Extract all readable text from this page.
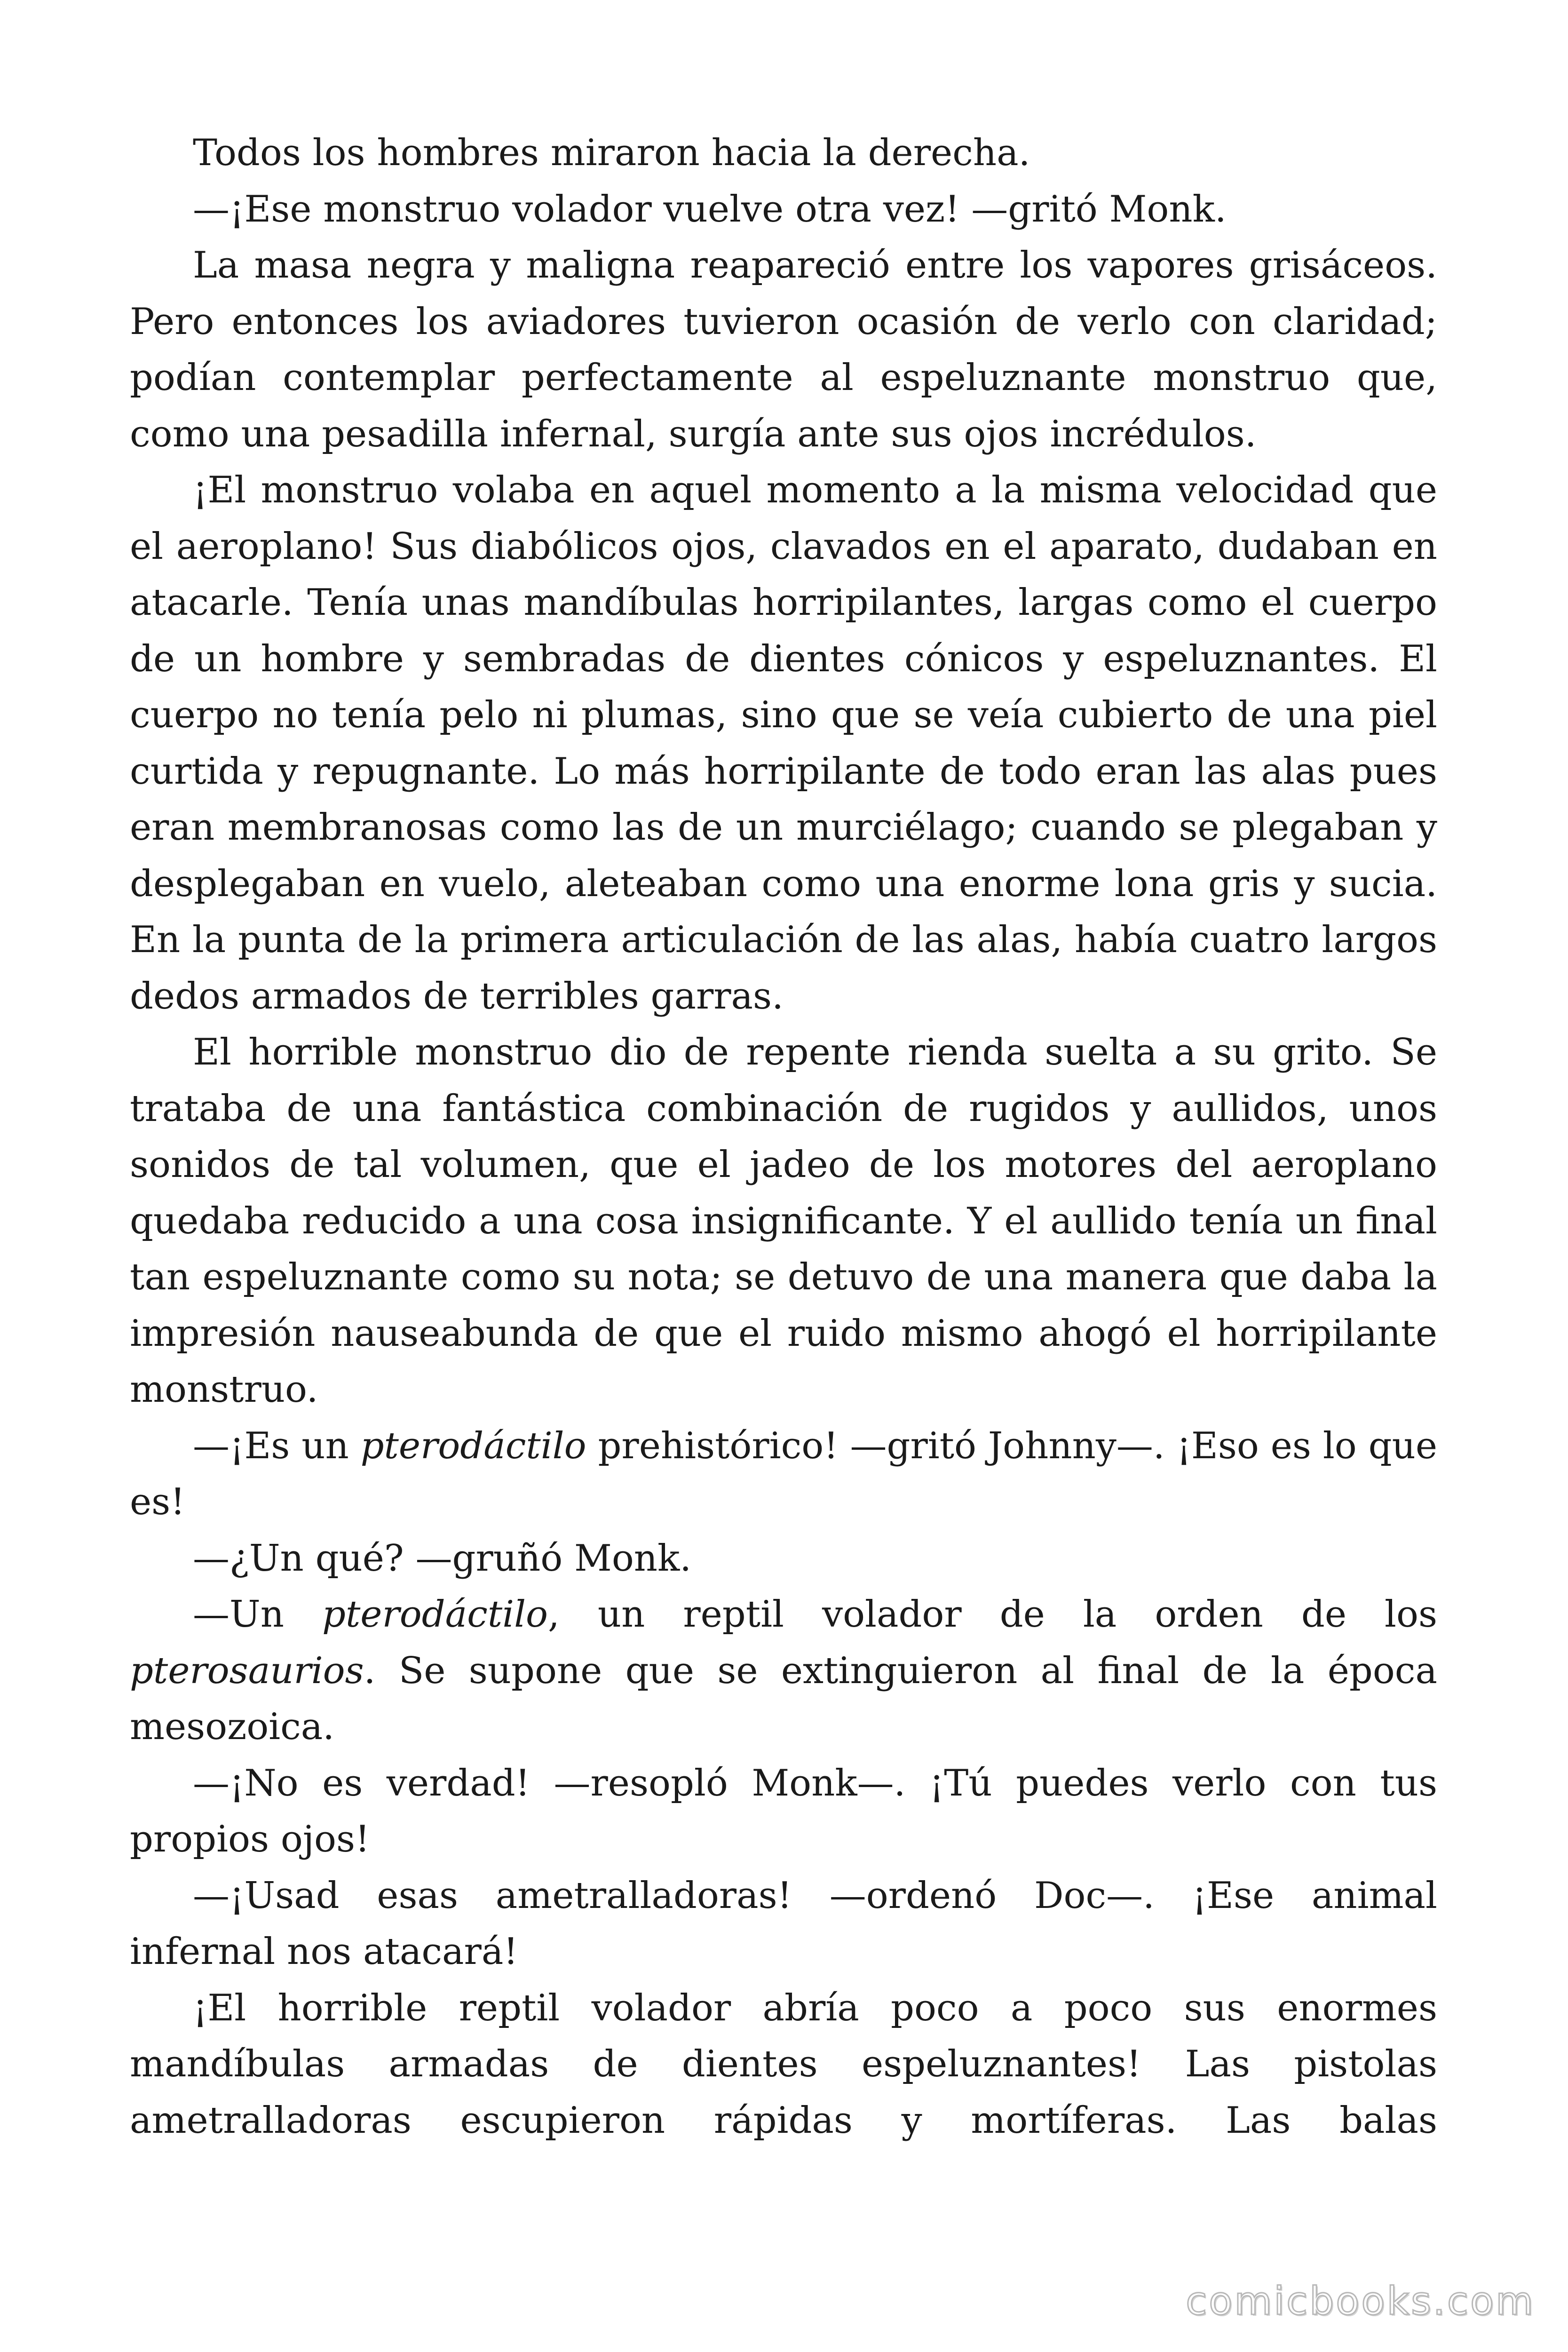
Todos los hombres miraron hacia la derecha.

—¡Ese monstruo volador vuelve otra vez! —gritó Monk.

La masa negra y maligna reapareció entre los vapores grisáceos. Pero entonces los aviadores tuvieron ocasión de verlo con claridad; podían contemplar perfectamente al espeluznante monstruo que, como una pesadilla infernal, surgía ante sus ojos incrédulos.

¡El monstruo volaba en aquel momento a la misma velocidad que el aeroplano! Sus diabólicos ojos, clavados en el aparato, dudaban en atacarle. Tenía unas mandíbulas horripilantes, largas como el cuerpo de un hombre y sembradas de dientes cónicos y espeluznantes. El cuerpo no tenía pelo ni plumas, sino que se veía cubierto de una piel curtida y repugnante. Lo más horripilante de todo eran las alas pues eran membranosas como las de un murciélago; cuando se plegaban y desplegaban en vuelo, aleteaban como una enorme lona gris y sucia. En la punta de la primera articulación de las alas, había cuatro largos dedos armados de terribles garras.

El horrible monstruo dio de repente rienda suelta a su grito. Se trataba de una fantástica combinación de rugidos y aullidos, unos sonidos de tal volumen, que el jadeo de los motores del aeroplano quedaba reducido a una cosa insignificante. Y el aullido tenía un final tan espeluznante como su nota; se detuvo de una manera que daba la impresión nauseabunda de que el ruido mismo ahogó el horripilante monstruo.

—¡Es un pterodáctilo prehistórico! —gritó Johnny—. ¡Eso es lo que es!

—¿Un qué? —gruñó Monk.

—Un pterodáctilo, un reptil volador de la orden de los pterosaurios. Se supone que se extinguieron al final de la época mesozoica.

—¡No es verdad! —resopló Monk—. ¡Tú puedes verlo con tus propios ojos!

—¡Usad esas ametralladoras! —ordenó Doc—. ¡Ese animal infernal nos atacará!

¡El horrible reptil volador abría poco a poco sus enormes mandíbulas armadas de dientes espeluznantes! Las pistolas ametralladoras escupieron rápidas y mortíferas. Las balas

comicbooks.com
